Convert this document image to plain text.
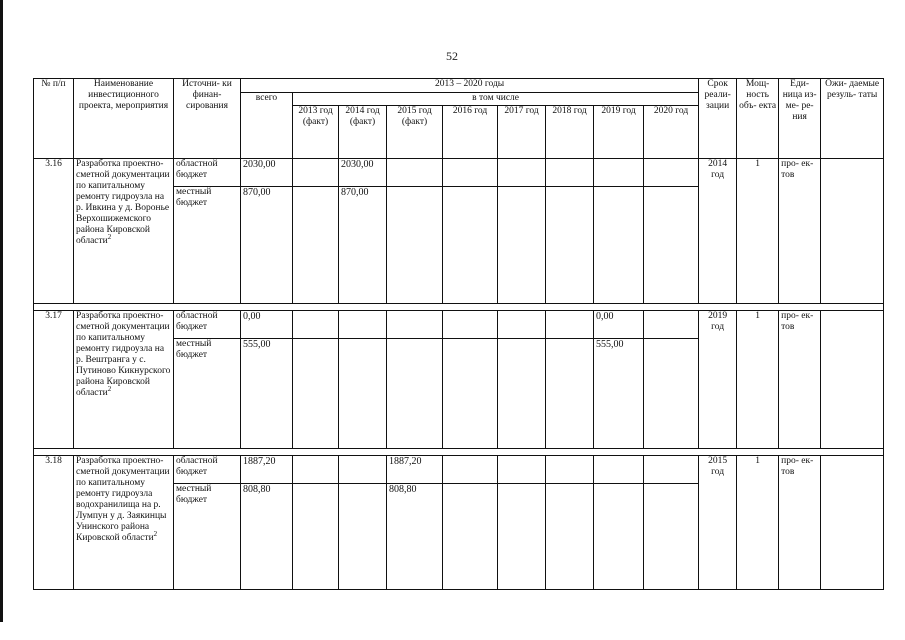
52
№ п/п	Наименование инвестиционного проекта, мероприятия	Источни- ки финан- сирования	2013 – 2020 годы									Срок реали- зации	Мощ- ность объ- екта	Еди- ница из- ме- ре- ния	Ожи- даемые резуль- таты
			всего	в том числе											
				2013 год (факт)	2014 год (факт)	2015 год (факт)	2016 год	2017 год	2018 год	2019 год	2020 год				
3.16	Разработка проектно-сметной документации по капитальному ремонту гидроузла на р. Ивкина у д. Воронье Верхошижемского района Кировской области$^2$	областной бюджет	2030,00		2030,00							2014 год	1	про- ек- тов	
		местный бюджет	870,00		870,00										

3.17	Разработка проектно-сметной документации по капитальному ремонту гидроузла на р. Вештранга у с. Путиново Кикнурского района Кировской области$^2$	областной бюджет	0,00							0,00		2019 год	1	про- ек- тов	
		местный бюджет	555,00							555,00					

3.18	Разработка проектно-сметной документации по капитальному ремонту гидроузла водохранилища на р. Лумпун у д. Заякинцы Унинского района Кировской области$^2$	областной бюджет	1887,20			1887,20						2015 год	1	про- ек- тов	
		местный бюджет	808,80			808,80									
